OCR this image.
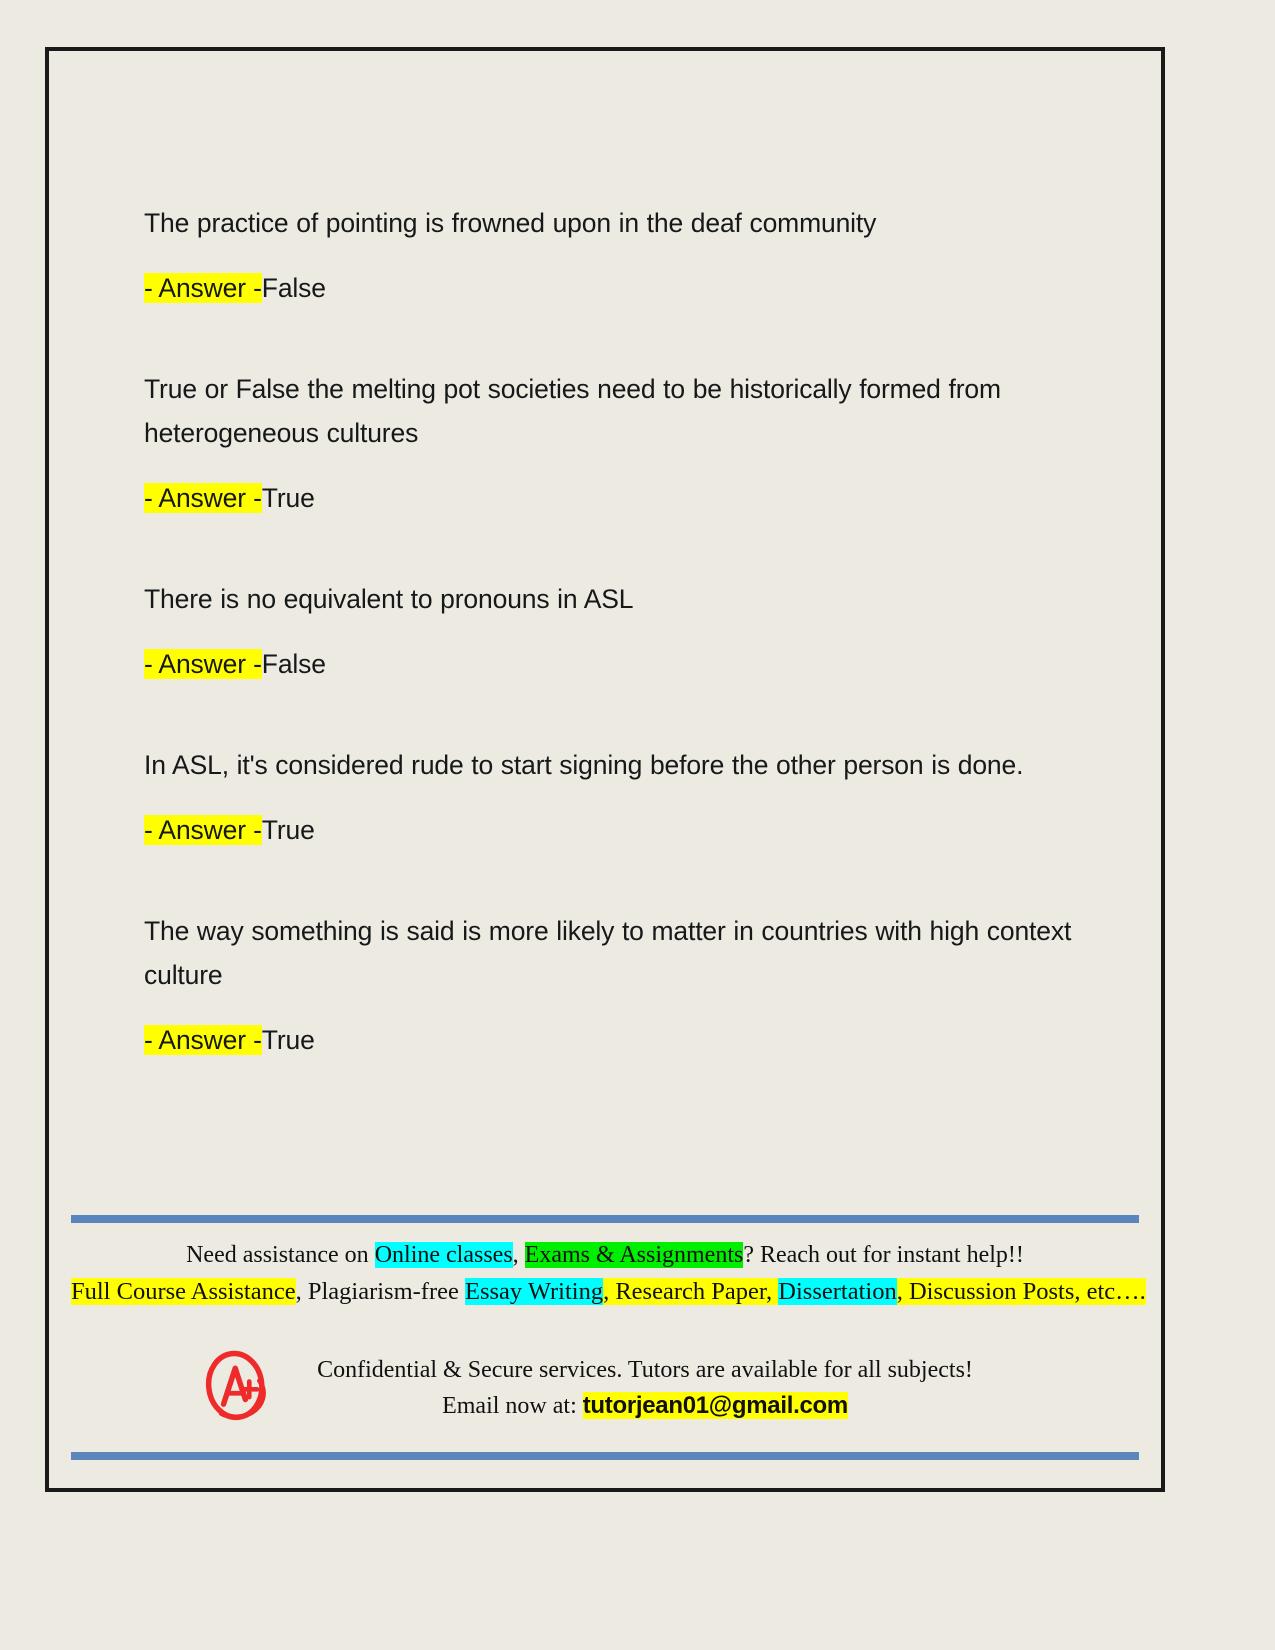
The practice of pointing is frowned upon in the deaf community

- Answer -False

True or False the melting pot societies need to be historically formed from heterogeneous cultures

- Answer -True

There is no equivalent to pronouns in ASL

- Answer -False

In ASL, it's considered rude to start signing before the other person is done.

- Answer -True

The way something is said is more likely to matter in countries with high context culture

- Answer -True

Need assistance on Online classes, Exams & Assignments? Reach out for instant help!!
Full Course Assistance, Plagiarism-free Essay Writing, Research Paper, Dissertation, Discussion Posts, etc….
Confidential & Secure services. Tutors are available for all subjects!
Email now at: tutorjean01@gmail.com
